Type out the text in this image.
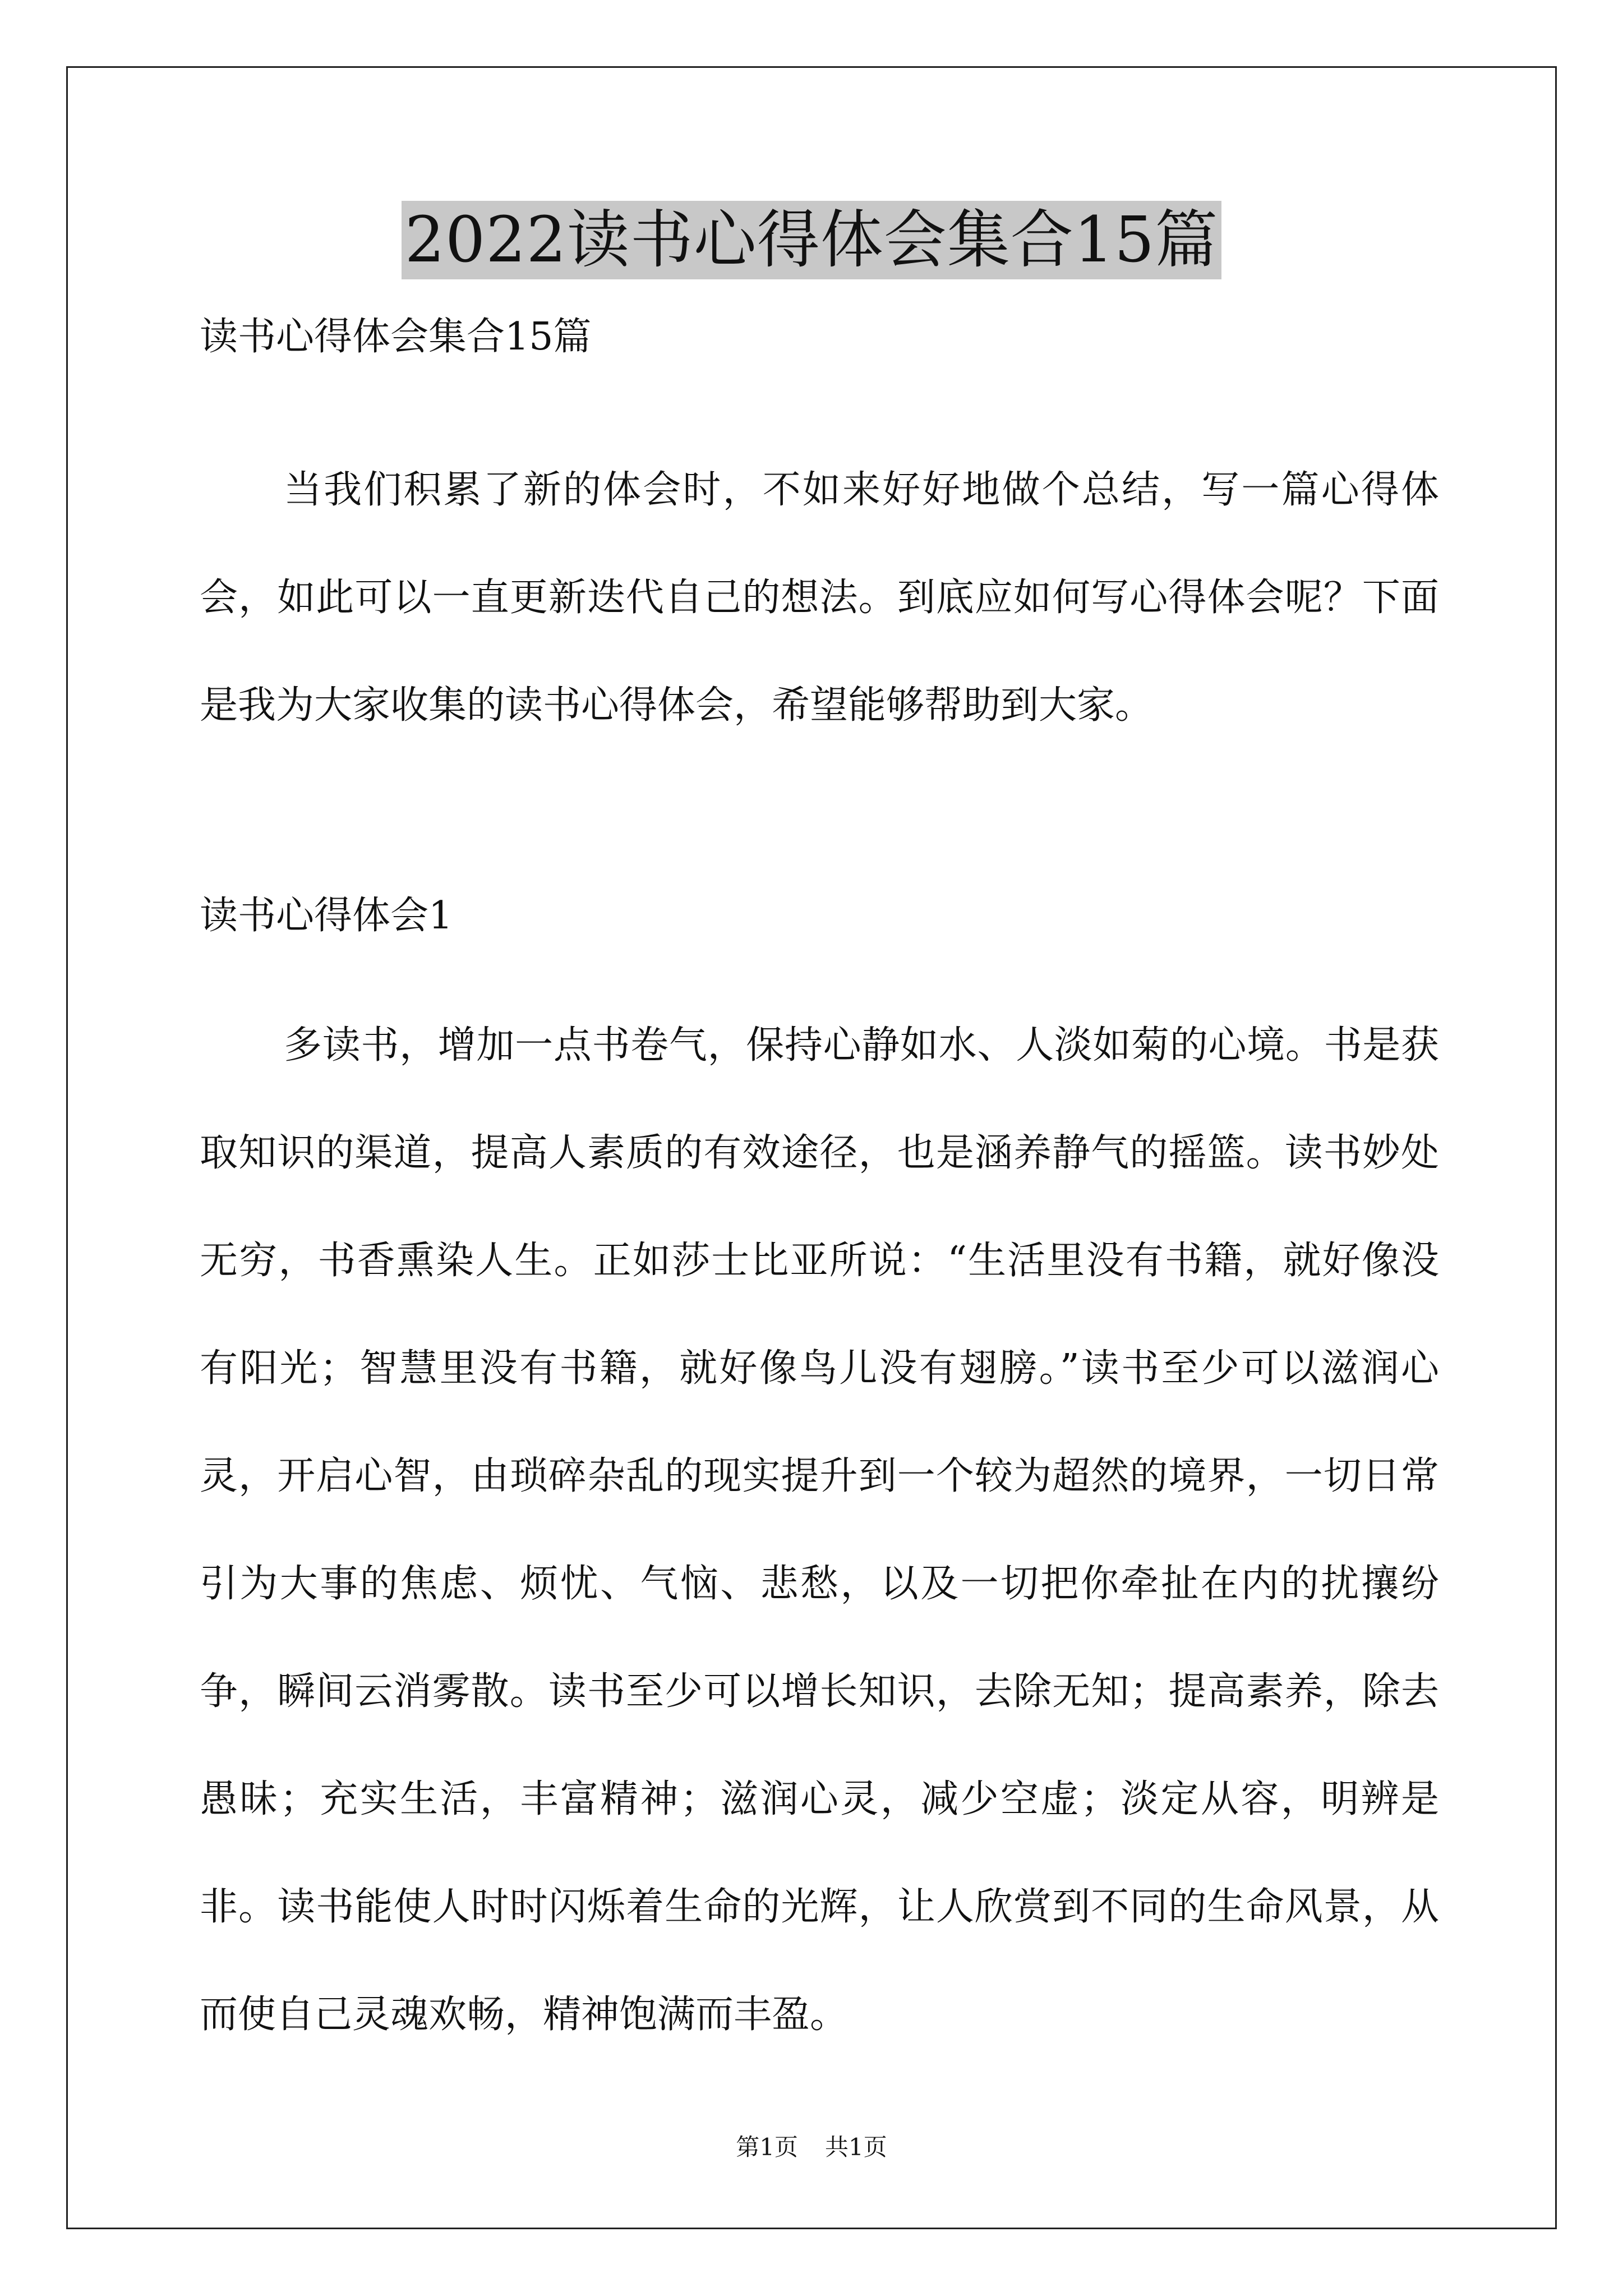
2022读书心得体会集合15篇
读书心得体会集合15篇

当我们积累了新的体会时，不如来好好地做个总结，写一篇心得体会，如此可以一直更新迭代自己的想法。到底应如何写心得体会呢？下面是我为大家收集的读书心得体会，希望能够帮助到大家。

读书心得体会1

多读书，增加一点书卷气，保持心静如水、人淡如菊的心境。书是获取知识的渠道，提高人素质的有效途径，也是涵养静气的摇篮。读书妙处无穷，书香熏染人生。正如莎士比亚所说：“生活里没有书籍，就好像没有阳光；智慧里没有书籍，就好像鸟儿没有翅膀。”读书至少可以滋润心灵，开启心智，由琐碎杂乱的现实提升到一个较为超然的境界，一切日常引为大事的焦虑、烦忧、气恼、悲愁，以及一切把你牵扯在内的扰攘纷争，瞬间云消雾散。读书至少可以增长知识，去除无知；提高素养，除去愚昧；充实生活，丰富精神；滋润心灵，减少空虚；淡定从容，明辨是非。读书能使人时时闪烁着生命的光辉，让人欣赏到不同的生命风景，从而使自己灵魂欢畅，精神饱满而丰盈。

第1页 共1页
